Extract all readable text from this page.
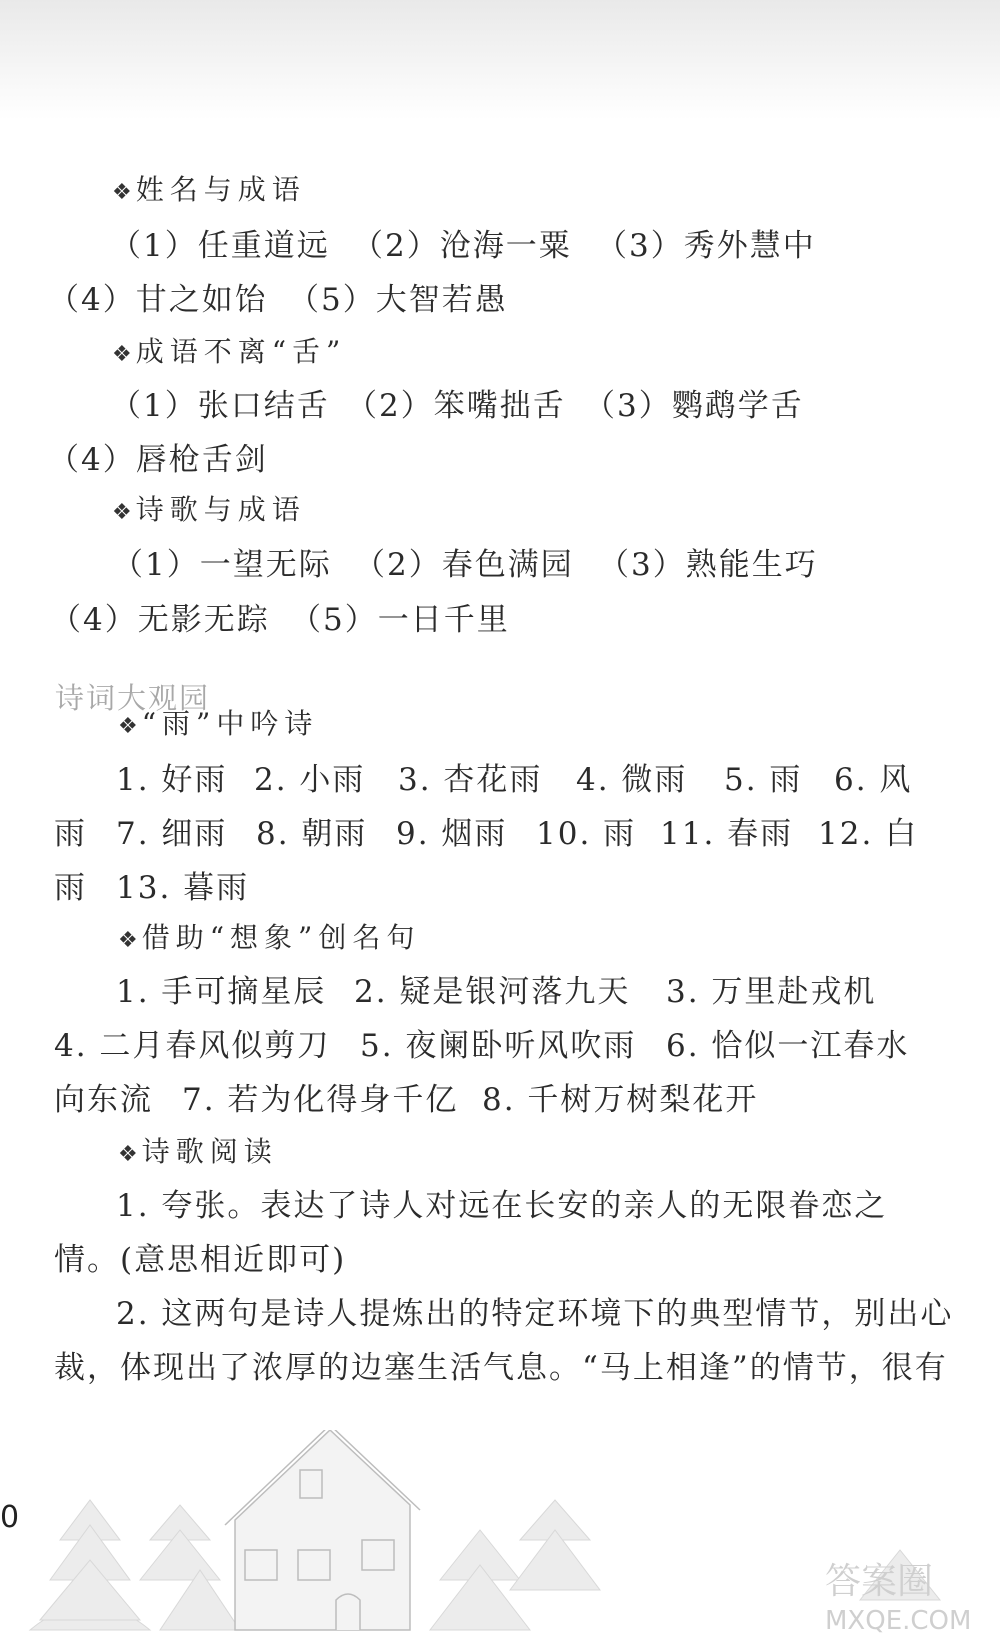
❖ 姓名与成语
（1）任重道远 （2）沧海一粟 （3）秀外慧中
（4）甘之如饴 （5）大智若愚
❖ 成语不离“舌”
（1）张口结舌 （2）笨嘴拙舌 （3）鹦鹉学舌
（4）唇枪舌剑
❖ 诗歌与成语
（1）一望无际 （2）春色满园 （3）熟能生巧
（4）无影无踪 （5）一日千里
诗词大观园
❖ “雨”中吟诗
1. 好雨 2. 小雨 3. 杏花雨 4. 微雨 5. 雨 6. 风
雨 7. 细雨 8. 朝雨 9. 烟雨 10. 雨 11. 春雨 12. 白
雨 13. 暮雨
❖ 借助“想象”创名句
1. 手可摘星辰 2. 疑是银河落九天 3. 万里赴戎机
4. 二月春风似剪刀 5. 夜阑卧听风吹雨 6. 恰似一江春水
向东流 7. 若为化得身千亿 8. 千树万树梨花开
❖ 诗歌阅读
1. 夸张。表达了诗人对远在长安的亲人的无限眷恋之
情。(意思相近即可)
2. 这两句是诗人提炼出的特定环境下的典型情节，别出心
裁，体现出了浓厚的边塞生活气息。“马上相逢”的情节，很有
0
答案圈
MXQE.COM
